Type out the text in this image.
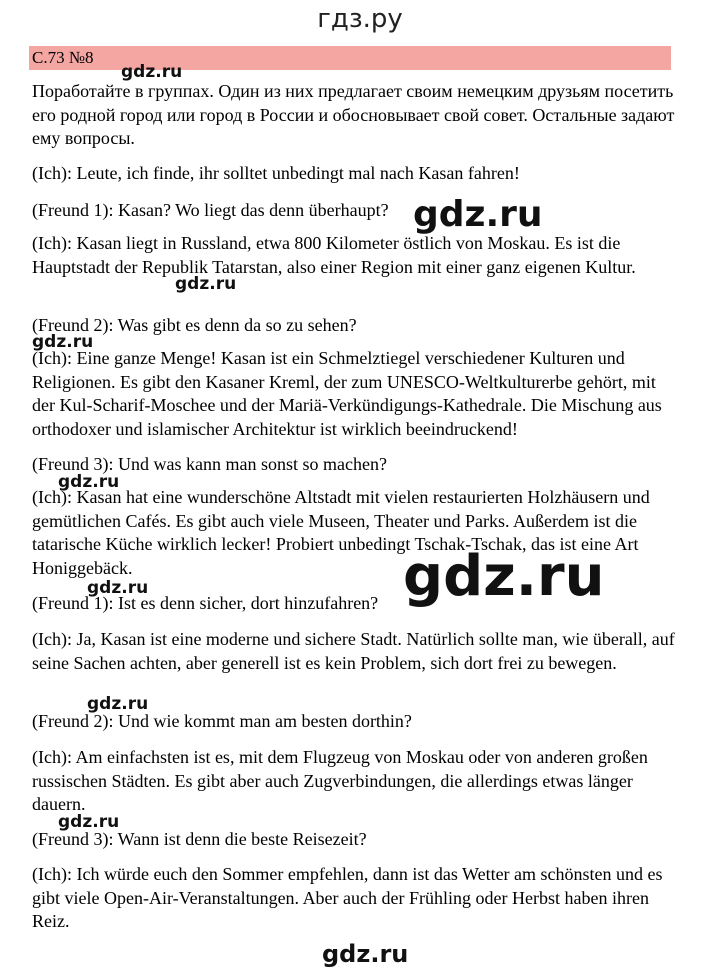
гдз.ру
С.73 №8
Поработайте в группах. Один из них предлагает своим немецким друзьям посетить его родной город или город в России и обосновывает свой совет. Остальные задают ему вопросы.
(Ich): Leute, ich finde, ihr solltet unbedingt mal nach Kasan fahren!
(Freund 1): Kasan? Wo liegt das denn überhaupt?
(Ich): Kasan liegt in Russland, etwa 800 Kilometer östlich von Moskau. Es ist die Hauptstadt der Republik Tatarstan, also einer Region mit einer ganz eigenen Kultur.
(Freund 2): Was gibt es denn da so zu sehen?
(Ich): Eine ganze Menge! Kasan ist ein Schmelztiegel verschiedener Kulturen und Religionen. Es gibt den Kasaner Kreml, der zum UNESCO-Weltkulturerbe gehört, mit der Kul-Scharif-Moschee und der Mariä-Verkündigungs-Kathedrale. Die Mischung aus orthodoxer und islamischer Architektur ist wirklich beeindruckend!
(Freund 3): Und was kann man sonst so machen?
(Ich): Kasan hat eine wunderschöne Altstadt mit vielen restaurierten Holzhäusern und gemütlichen Cafés. Es gibt auch viele Museen, Theater und Parks. Außerdem ist die tatarische Küche wirklich lecker! Probiert unbedingt Tschak-Tschak, das ist eine Art Honiggebäck.
(Freund 1): Ist es denn sicher, dort hinzufahren?
(Ich): Ja, Kasan ist eine moderne und sichere Stadt. Natürlich sollte man, wie überall, auf seine Sachen achten, aber generell ist es kein Problem, sich dort frei zu bewegen.
(Freund 2): Und wie kommt man am besten dorthin?
(Ich): Am einfachsten ist es, mit dem Flugzeug von Moskau oder von anderen großen russischen Städten. Es gibt aber auch Zugverbindungen, die allerdings etwas länger dauern.
(Freund 3): Wann ist denn die beste Reisezeit?
(Ich): Ich würde euch den Sommer empfehlen, dann ist das Wetter am schönsten und es gibt viele Open-Air-Veranstaltungen. Aber auch der Frühling oder Herbst haben ihren Reiz.
gdz.ru
gdz.ru
gdz.ru
gdz.ru
gdz.ru
gdz.ru
gdz.ru
gdz.ru
gdz.ru
gdz.ru
